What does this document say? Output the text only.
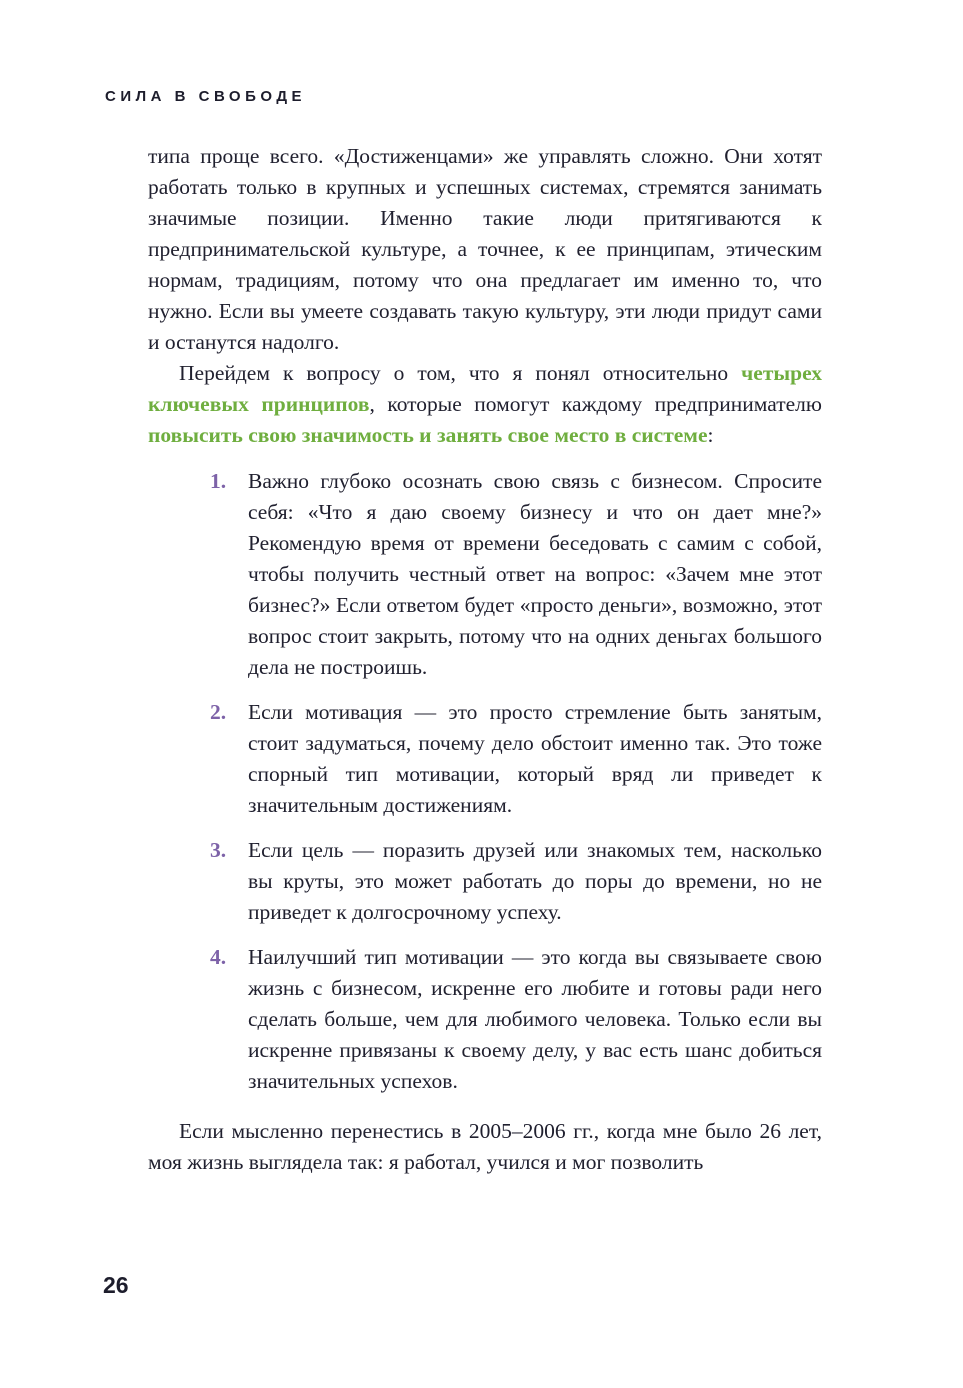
СИЛА В СВОБОДЕ

типа проще всего. «Достиженцами» же управлять сложно. Они хотят работать только в крупных и успешных системах, стремятся занимать значимые позиции. Именно такие люди притягиваются к предпринимательской культуре, а точнее, к ее принципам, этическим нормам, традициям, потому что она предлагает им именно то, что нужно. Если вы умеете создавать такую культуру, эти люди придут сами и останутся надолго.

Перейдем к вопросу о том, что я понял относительно четырех ключевых принципов, которые помогут каждому предпринимателю повысить свою значимость и занять свое место в системе:

1.	Важно глубоко осознать свою связь с бизнесом. Спросите себя: «Что я даю своему бизнесу и что он дает мне?» Рекомендую время от времени беседовать с самим с собой, чтобы получить честный ответ на вопрос: «Зачем мне этот бизнес?» Если ответом будет «просто деньги», возможно, этот вопрос стоит закрыть, потому что на одних деньгах большого дела не построишь.
2.	Если мотивация — это просто стремление быть занятым, стоит задуматься, почему дело обстоит именно так. Это тоже спорный тип мотивации, который вряд ли приведет к значительным достижениям.
3.	Если цель — поразить друзей или знакомых тем, насколько вы круты, это может работать до поры до времени, но не приведет к долгосрочному успеху.
4.	Наилучший тип мотивации — это когда вы связываете свою жизнь с бизнесом, искренне его любите и готовы ради него сделать больше, чем для любимого человека. Только если вы искренне привязаны к своему делу, у вас есть шанс добиться значительных успехов.

Если мысленно перенестись в 2005–2006 гг., когда мне было 26 лет, моя жизнь выглядела так: я работал, учился и мог позволить

26
